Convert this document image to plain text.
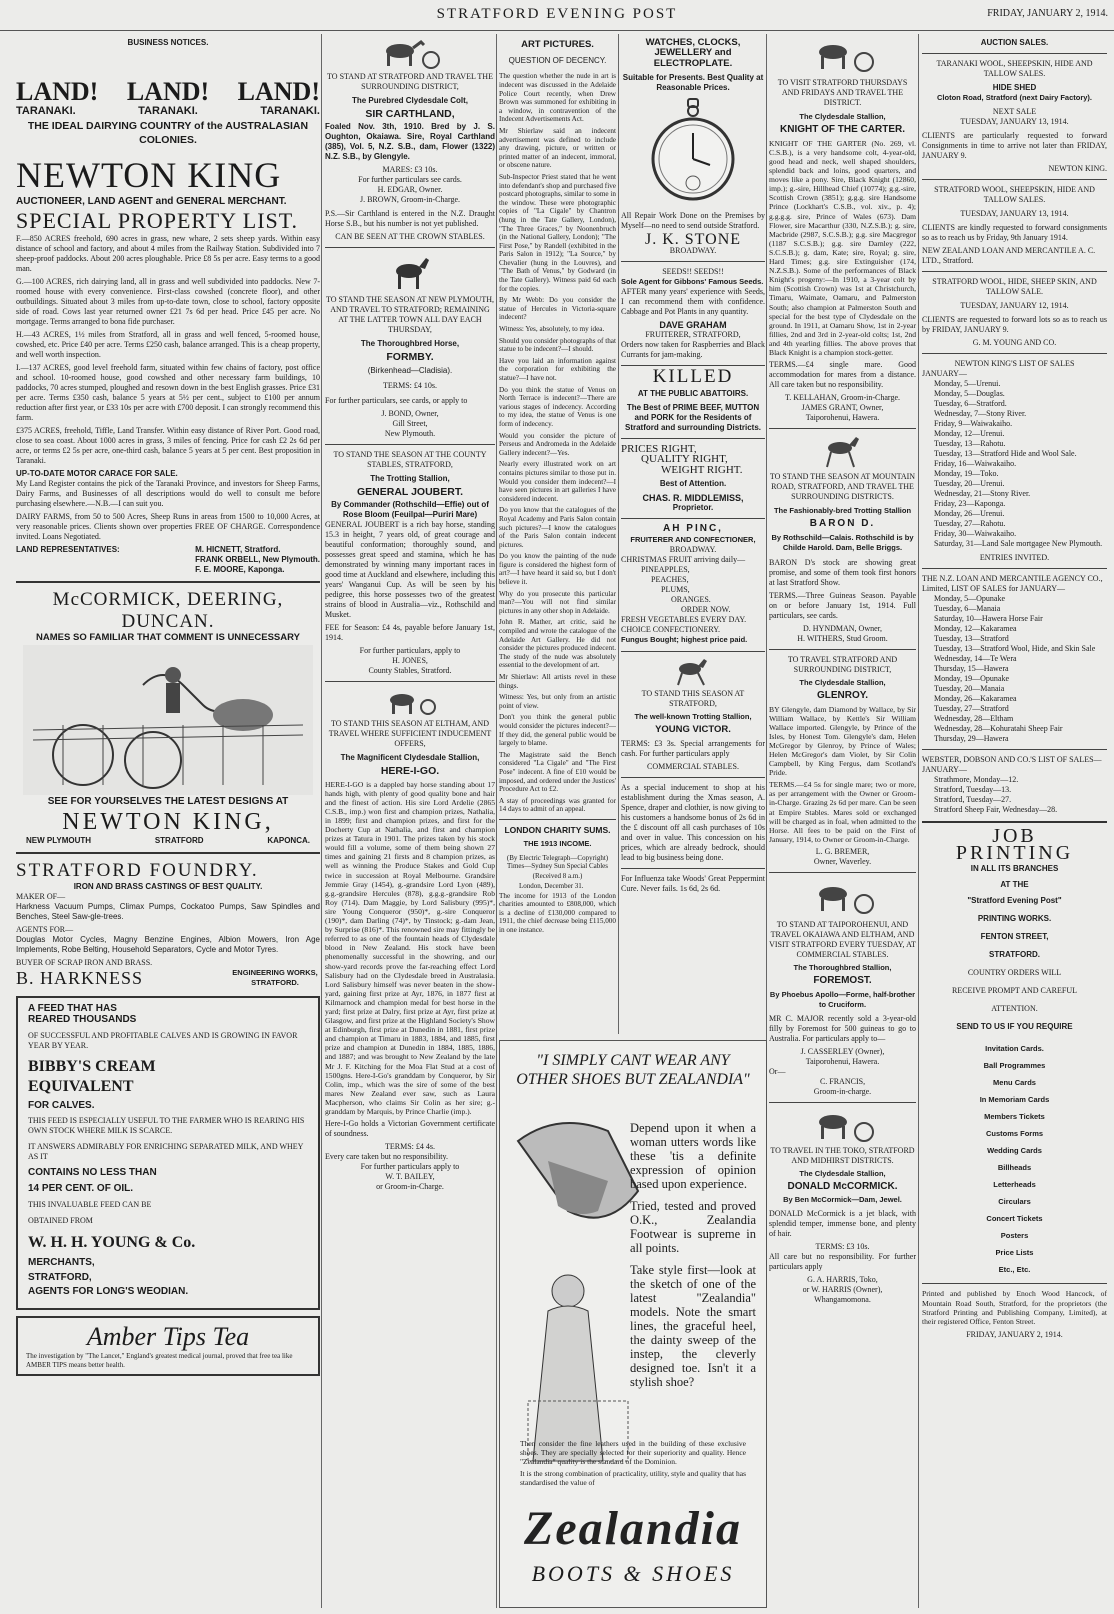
STRATFORD EVENING POST	FRIDAY, JANUARY 2, 1914.
BUSINESS NOTICES.
LAND! LAND! LAND!
TARANAKI.	TARANAKI.	TARANAKI.
THE IDEAL DAIRYING COUNTRY of the AUSTRALASIAN COLONIES.
NEWTON KING
AUCTIONEER, LAND AGENT and GENERAL MERCHANT.
SPECIAL PROPERTY LIST.

F.—850 ACRES freehold, 690 acres in grass, new whare, 2 sets sheep yards. Within easy distance of school and factory, and about 4 miles from the Railway Station. Subdivided into 7 sheep-proof paddocks. About 200 acres ploughable. Price £8 5s per acre. Easy terms to a good man.

G.—100 ACRES, rich dairying land, all in grass and well subdivided into paddocks. New 7-roomed house with every convenience. First-class cowshed (concrete floor), and other outbuildings. Situated about 3 miles from up-to-date town, close to school, factory opposite side of road. Cows last year returned owner £21 7s 6d per head. Price £45 per acre. No mortgage. Terms arranged to bona fide purchaser.

H.—43 ACRES, 1½ miles from Stratford, all in grass and well fenced, 5-roomed house, cowshed, etc. Price £40 per acre. Terms £250 cash, balance arranged. This is a cheap property, and well worth inspection.

I.—137 ACRES, good level freehold farm, situated within few chains of factory, post office and school. 10-roomed house, good cowshed and other necessary farm buildings, 10 paddocks, 70 acres stumped, ploughed and resown down in the best English grasses. Price £31 per acre. Terms £350 cash, balance 5 years at 5½ per cent., subject to £100 per annum reduction after first year, or £33 10s per acre with £700 deposit. I can strongly recommend this farm.

£375 ACRES, freehold, Tiffle, Land Transfer. Within easy distance of River Port. Good road, close to sea coast. About 1000 acres in grass, 3 miles of fencing. Price for cash £2 2s 6d per acre, or terms £2 5s per acre, one-third cash, balance 5 years at 5 per cent. Best proposition in Taranaki.

UP-TO-DATE MOTOR CARACE FOR SALE.

My Land Register contains the pick of the Taranaki Province, and investors for Sheep Farms, Dairy Farms, and Businesses of all descriptions would do well to consult me before purchasing elsewhere.—N.B.—I can suit you.

DAIRY FARMS, from 50 to 500 Acres, Sheep Runs in areas from 1500 to 10,000 Acres, at very reasonable prices. Clients shown over properties FREE OF CHARGE. Correspondence invited. Loans Negotiated.

LAND REPRESENTATIVES:	M. HICNETT, Stratford.
FRANK ORBELL, New Plymouth.
F. E. MOORE, Kaponga.
McCORMICK, DEERING,
DUNCAN.
NAMES SO FAMILIAR THAT COMMENT IS UNNECESSARY
SEE FOR YOURSELVES THE LATEST DESIGNS AT
NEWTON KING,
NEW PLYMOUTH	STRATFORD	KAPONCA.
STRATFORD FOUNDRY.
IRON AND BRASS CASTINGS OF BEST QUALITY.
MAKER OF—

Harkness Vacuum Pumps, Climax Pumps, Cockatoo Pumps, Saw Spindles and Benches, Steel Saw-gle-trees.

AGENTS FOR—

Douglas Motor Cycles, Magny Benzine Engines, Albion Mowers, Iron Age Implements, Robe Belting, Household Separators, Cycle and Motor Tyres.

BUYER OF SCRAP IRON AND BRASS.
B. HARKNESS	ENGINEERING WORKS, STRATFORD.
A FEED THAT HAS
REARED THOUSANDS
OF SUCCESSFUL AND PROFITABLE CALVES AND IS GROWING IN FAVOR YEAR BY YEAR.
BIBBY'S CREAM
EQUIVALENT
FOR CALVES.
THIS FEED IS ESPECIALLY USEFUL TO THE FARMER WHO IS REARING HIS OWN STOCK WHERE MILK IS SCARCE.
IT ANSWERS ADMIRABLY FOR ENRICHING SEPARATED MILK, AND WHEY AS IT
CONTAINS NO LESS THAN
14 PER CENT. OF OIL.
THIS INVALUABLE FEED CAN BE
OBTAINED FROM
W. H. H. YOUNG & Co.
MERCHANTS,
STRATFORD,
AGENTS FOR LONG'S WEODIAN.
Amber Tips Tea
The investigation by "The Lancet," England's greatest medical journal, proved that free tea like AMBER TIPS means better health.
TO STAND AT STRATFORD AND TRAVEL THE SURROUNDING DISTRICT,
The Purebred Clydesdale Colt,
SIR CARTHLAND,

Foaled Nov. 3th, 1910. Bred by J. S. Oughton, Okaiawa. Sire, Royal Carthland (385), Vol. 5, N.Z. S.B., dam, Flower (1322) N.Z. S.B., by Glengyle.

MARES: £3 10s.
For further particulars see cards.
H. EDGAR, Owner.
J. BROWN, Groom-in-Charge.

P.S.—Sir Carthland is entered in the N.Z. Draught Horse S.B., but his number is not yet published.

CAN BE SEEN AT THE CROWN STABLES.
TO STAND THE SEASON AT NEW PLYMOUTH, AND TRAVEL TO STRATFORD; REMAINING AT THE LATTER TOWN ALL DAY EACH THURSDAY,
The Thoroughbred Horse,
FORMBY.
(Birkenhead—Cladisia).
TERMS: £4 10s.

For further particulars, see cards, or apply to

J. BOND, Owner,
Gill Street,
New Plymouth.
TO STAND THE SEASON AT THE COUNTY STABLES, STRATFORD,
The Trotting Stallion,
GENERAL JOUBERT.
By Commander (Rothschild—Effie) out of Rose Bloom (Feuilpal—Puriri Mare)

GENERAL JOUBERT is a rich bay horse, standing 15.3 in height, 7 years old, of great courage and beautiful conformation; thoroughly sound, and possesses great speed and stamina, which he has demonstrated by winning many important races in good time at Auckland and elsewhere, including this years' Wanganui Cup. As will be seen by his pedigree, this horse possesses two of the greatest strains of blood in Australia—viz., Rothschild and Musket.

FEE for Season: £4 4s, payable before January 1st, 1914.

For further particulars, apply to
H. JONES,
County Stables, Stratford.
TO STAND THIS SEASON AT ELTHAM, AND TRAVEL WHERE SUFFICIENT INDUCEMENT OFFERS,
The Magnificent Clydesdale Stallion,
HERE-I-GO.

HERE-I-GO is a dappled bay horse standing about 17 hands high, with plenty of good quality bone and hair and the finest of action. His sire Lord Ardelie (2865 C.S.B., imp.) won first and champion prizes, Nathalia, in 1899; first and champion prizes, and first for the Docherty Cup at Nathalia, and first and champion prizes at Tatura in 1901. The prizes taken by his stock would fill a volume, some of them being shown 27 times and gaining 21 firsts and 8 champion prizes, as well as winning the Produce Stakes and Gold Cup twice in succession at Royal Melbourne. Grandsire Jemmie Gray (1454), g.-grandsire Lord Lyon (489), g.g.-grandsire Hercules (878), g.g.g.-grandsire Rob Roy (714). Dam Maggie, by Lord Salisbury (995)*, sire Young Conqueror (950)*, g.-sire Conqueror (190)*, dam Darling (74)*, by Tinstock; g.-dam Jean, by Surprise (816)*. This renowned sire may fittingly be referred to as one of the fountain heads of Clydesdale blood in New Zealand. His stock have been phenomenally successful in the showring, and our show-yard records prove the far-reaching effect Lord Salisbury had on the Clydesdale breed in Australasia. Lord Salisbury himself was never beaten in the show-yard, gaining first prize at Ayr, 1876, in 1877 first at Kilmarnock and champion medal for best horse in the yard; first prize at Dalry, first prize at Ayr, first prize at Glasgow, and first prize at the Highland Society's Show at Edinburgh, first prize at Dunedin in 1881, first prize and champion at Timaru in 1883, 1884, and 1885, first prize and champion at Dunedin in 1884, 1885, 1886, and 1887; and was brought to New Zealand by the late Mr J. F. Kitching for the Moa Flat Stud at a cost of 1500gns. Here-I-Go's granddam by Conqueror, by Sir Colin, imp., which was the sire of some of the best mares New Zealand ever saw, such as Laura Macpherson, who claims Sir Colin as her sire; g.-granddam by Marquis, by Prince Charlie (imp.).

Here-I-Go holds a Victorian Government certificate of soundness.

TERMS: £4 4s.
Every care taken but no responsibility.
For further particulars apply to
W. T. BAILEY,
or Groom-in-Charge.
ART PICTURES.
QUESTION OF DECENCY.

The question whether the nude in art is indecent was discussed in the Adelaide Police Court recently, when Drew Brown was summoned for exhibiting in a window, in contravention of the Indecent Advertisements Act.

Mr Shierlaw said an indecent advertisement was defined to include any drawing, picture, or written or printed matter of an indecent, immoral, or obscene nature.

Sub-Inspector Priest stated that he went into defendant's shop and purchased five postcard photographs, similar to some in the window. These were photographic copies of "La Cigale" by Chantron (hung in the Tate Gallery, London), "The Three Graces," by Noonenbruch (in the National Gallery, London); "The First Pose," by Randell (exhibited in the Paris Salon in 1912); "La Source," by Chevalier (hung in the Louvres), and "The Bath of Venus," by Godward (in the Tate Gallery). Witness paid 6d each for the copies.

By Mr Webb: Do you consider the statue of Hercules in Victoria-square indecent?

Witness: Yes, absolutely, to my idea.

Should you consider photographs of that statue to be indecent?—I should.

Have you laid an information against the corporation for exhibiting the statue?—I have not.

Do you think the statue of Venus on North Terrace is indecent?—There are various stages of indecency. According to my idea, the statue of Venus is one form of indecency.

Would you consider the picture of Perseus and Andromeda in the Adelaide Gallery indecent?—Yes.

Nearly every illustrated work on art contains pictures similar to those put in. Would you consider them indecent?—I have seen pictures in art galleries I have considered indecent.

Do you know that the catalogues of the Royal Academy and Paris Salon contain such pictures?—I know the catalogues of the Paris Salon contain indecent pictures.

Do you know the painting of the nude figure is considered the highest form of art?—I have heard it said so, but I don't believe it.

Why do you prosecute this particular man?—You will not find similar pictures in any other shop in Adelaide.

John R. Mather, art critic, said he compiled and wrote the catalogue of the Adelaide Art Gallery. He did not consider the pictures produced indecent. The study of the nude was absolutely essential to the development of art.

Mr Shierlaw: All artists revel in these things.

Witness: Yes, but only from an artistic point of view.

Don't you think the general public would consider the pictures indecent?—If they did, the general public would be largely to blame.

The Magistrate said the Bench considered "La Cigale" and "The First Pose" indecent. A fine of £10 would be imposed, and ordered under the Justices' Procedure Act to £2.

A stay of proceedings was granted for 14 days to admit of an appeal.

LONDON CHARITY SUMS.
THE 1913 INCOME.
(By Electric Telegraph—Copyright) Times—Sydney Sun Special Cables
(Received 8 a.m.)
London, December 31.

The income for 1913 of the London charities amounted to £808,000, which is a decline of £130,000 compared to 1911, the chief decrease being £115,000 in one instance.

WATCHES, CLOCKS,
JEWELLERY and
ELECTROPLATE.
Suitable for Presents. Best Quality at Reasonable Prices.

All Repair Work Done on the Premises by Myself—no need to send outside Stratford.

J. K. STONE
BROADWAY.
SEEDS!! SEEDS!!
Sole Agent for Gibbons' Famous Seeds.

AFTER many years' experience with Seeds, I can recommend them with confidence. Cabbage and Pot Plants in any quantity.

DAVE GRAHAM
FRUITERER, STRATFORD,

Orders now taken for Raspberries and Black Currants for jam-making.

KILLED
AT THE PUBLIC ABATTOIRS.

The Best of PRIME BEEF, MUTTON and PORK for the Residents of Stratford and surrounding Districts.

PRICES RIGHT,
QUALITY RIGHT,
WEIGHT RIGHT.
Best of Attention.
CHAS. R. MIDDLEMISS,
Proprietor.
AH PINC,
FRUITERER AND CONFECTIONER,
BROADWAY.
CHRISTMAS FRUIT arriving daily—
PINEAPPLES,
PEACHES,
PLUMS,
ORANGES.
ORDER NOW.
FRESH VEGETABLES EVERY DAY.
CHOICE CONFECTIONERY.
Fungus Bought; highest price paid.
TO STAND THIS SEASON AT STRATFORD,
The well-known Trotting Stallion,
YOUNG VICTOR.

TERMS: £3 3s. Special arrangements for cash. For further particulars apply

COMMERCIAL STABLES.

As a special inducement to shop at his establishment during the Xmas season, A. Spence, draper and clothier, is now giving to his customers a handsome bonus of 2s 6d in the £ discount off all cash purchases of 10s and over in value. This concession on his prices, which are already bedrock, should lead to big business being done.

For Influenza take Woods' Great Peppermint Cure. Never fails. 1s 6d, 2s 6d.

"I SIMPLY CANT WEAR ANY OTHER SHOES BUT ZEALANDIA"

Depend upon it when a woman utters words like these 'tis a definite expression of opinion based upon experience.

Tried, tested and proved O.K., Zealandia Footwear is supreme in all points.

Take style first—look at the sketch of one of the latest "Zealandia" models. Note the smart lines, the graceful heel, the dainty sweep of the instep, the cleverly designed toe. Isn't it a stylish shoe?

Then consider the fine leathers used in the building of these exclusive shoes. They are specially selected for their superiority and quality. Hence "Zealandia" quality is the standard of the Dominion.

It is the strong combination of practicality, utility, style and quality that has standardised the value of

Zealandia
BOOTS & SHOES
TO VISIT STRATFORD THURSDAYS AND FRIDAYS AND TRAVEL THE DISTRICT.
The Clydesdale Stallion,
KNIGHT OF THE CARTER.

KNIGHT OF THE GARTER (No. 269, vl. C.S.B.), is a very handsome colt, 4-year-old, good head and neck, well shaped shoulders, splendid back and loins, good quarters, and moves like a pony. Sire, Black Knight (12860, imp.); g.-sire, Hillhead Chief (10774); g.g.-sire, Scottish Crown (3851); g.g.g. sire Handsome Prince (Lockhart's C.S.B., vol. xiv., p. 4); g.g.g.g. sire, Prince of Wales (673). Dam Flower, sire Macarthur (330, N.Z.S.B.); g. sire, Macbride (2987, S.C.S.B.); g.g. sire Macgregor (1187 S.C.S.B.); g.g. sire Darnley (222, S.C.S.B.); g. dam, Kate; sire, Royal; g. sire, Hard Times; g.g. sire Extinguisher (174, N.Z.S.B.). Some of the performances of Black Knight's progeny:—In 1910, a 3-year colt by him (Scottish Crown) was 1st at Christchurch, Timaru, Waimate, Oamaru, and Palmerston South; also champion at Palmerston South and special for the best type of Clydesdale on the ground. In 1911, at Oamaru Show, 1st in 2-year fillies, 2nd and 3rd in 2-year-old colts; 1st, 2nd and 4th yearling fillies. The above proves that Black Knight is a champion stock-getter.

TERMS.—£4 single mare. Good accommodation for mares from a distance. All care taken but no responsibility.

T. KELLAHAN, Groom-in-Charge.
JAMES GRANT, Owner,
Taiporohenui, Hawera.
TO STAND THE SEASON AT MOUNTAIN ROAD, STRATFORD, AND TRAVEL THE SURROUNDING DISTRICTS.
The Fashionably-bred Trotting Stallion
BARON D.
By Rothschild—Calais. Rothschild is by Childe Harold. Dam, Belle Briggs.

BARON D's stock are showing great promise, and some of them took first honors at last Stratford Show.

TERMS.—Three Guineas Season. Payable on or before January 1st, 1914. Full particulars, see cards.

D. HYNDMAN, Owner,
H. WITHERS, Stud Groom.
TO TRAVEL STRATFORD AND SURROUNDING DISTRICT,
The Clydesdale Stallion,
GLENROY.

BY Glengyle, dam Diamond by Wallace, by Sir William Wallace, by Kettle's Sir William Wallace imported. Glengyle, by Prince of the Isles, by Honest Tom. Glengyle's dam, Helen McGregor by Glenroy, by Prince of Wales; Helen McGregor's dam Violet, by Sir Colin Campbell, by King Fergus, dam Scotland's Pride.

TERMS.—£4 5s for single mare; two or more, as per arrangement with the Owner or Groom-in-Charge. Grazing 2s 6d per mare. Can be seen at Empire Stables. Mares sold or exchanged will be charged as in foal, when admitted to the Horse. All fees to be paid on the First of January, 1914, to Owner or Groom-in-Charge.

L. G. BREMER,
Owner, Waverley.
TO STAND AT TAIPOROHENUI, AND TRAVEL OKAIAWA AND ELTHAM, AND VISIT STRATFORD EVERY TUESDAY, AT COMMERCIAL STABLES.
The Thoroughbred Stallion,
FOREMOST.
By Phoebus Apollo—Forme, half-brother to Cruciform.

MR C. MAJOR recently sold a 3-year-old filly by Foremost for 500 guineas to go to Australia. For particulars apply to—

J. CASSERLEY (Owner),
Taiporohenui, Hawera.
Or—
C. FRANCIS,
Groom-in-charge.
TO TRAVEL IN THE TOKO, STRATFORD AND MIDHIRST DISTRICTS.
The Clydesdale Stallion,
DONALD McCORMICK.
By Ben McCormick—Dam, Jewel.

DONALD McCormick is a jet black, with splendid temper, immense bone, and plenty of hair.

TERMS: £3 10s.

All care but no responsibility. For further particulars apply

G. A. HARRIS, Toko,
or W. HARRIS (Owner),
Whangamomona.
AUCTION SALES.
TARANAKI WOOL, SHEEPSKIN, HIDE AND TALLOW SALES.
HIDE SHED
Cloton Road, Stratford (next Dairy Factory).
NEXT SALE
TUESDAY, JANUARY 13, 1914.

CLIENTS are particularly requested to forward Consignments in time to arrive not later than FRIDAY, JANUARY 9.

NEWTON KING.
STRATFORD WOOL, SHEEPSKIN, HIDE AND TALLOW SALES.
TUESDAY, JANUARY 13, 1914.

CLIENTS are kindly requested to forward consignments so as to reach us by Friday, 9th January 1914.

NEW ZEALAND LOAN AND MERCANTILE A. C. LTD., Stratford.
STRATFORD WOOL, HIDE, SHEEP SKIN, AND TALLOW SALE.
TUESDAY, JANUARY 12, 1914.

CLIENTS are requested to forward lots so as to reach us by FRIDAY, JANUARY 9.

G. M. YOUNG AND CO.
NEWTON KING'S LIST OF SALES
JANUARY—
Monday, 5—Urenui.
Monday, 5—Douglas.
Tuesday, 6—Stratford.
Wednesday, 7—Stony River.
Friday, 9—Waiwakaiho.
Monday, 12—Urenui.
Tuesday, 13—Rahotu.
Tuesday, 13—Stratford Hide and Wool Sale.
Friday, 16—Waiwakaiho.
Monday, 19—Toko.
Tuesday, 20—Urenui.
Wednesday, 21—Stony River.
Friday, 23—Kaponga.
Monday, 26—Urenui.
Tuesday, 27—Rahotu.
Friday, 30—Waiwakaiho.
Saturday, 31—Land Sale mortgagee New Plymouth.
ENTRIES INVITED.
THE N.Z. LOAN AND MERCANTILE AGENCY CO., Limited, LIST OF SALES for JANUARY—
Monday, 5—Opunake
Tuesday, 6—Manaia
Saturday, 10—Hawera Horse Fair
Monday, 12—Kakaramea
Tuesday, 13—Stratford
Tuesday, 13—Stratford Wool, Hide, and Skin Sale
Wednesday, 14—Te Wera
Thursday, 15—Hawera
Monday, 19—Opunake
Tuesday, 20—Manaia
Monday, 26—Kakaramea
Tuesday, 27—Stratford
Wednesday, 28—Eltham
Wednesday, 28—Kohuratahi Sheep Fair
Thursday, 29—Hawera
WEBSTER, DOBSON AND CO.'S LIST OF SALES—
JANUARY—
Strathmore, Monday—12.
Stratford, Tuesday—13.
Stratford, Tuesday—27.
Stratford Sheep Fair, Wednesday—28.
JOB
PRINTING
IN ALL ITS BRANCHES
AT THE
"Stratford Evening Post"
PRINTING WORKS.
FENTON STREET,
STRATFORD.
COUNTRY ORDERS WILL
RECEIVE PROMPT AND CAREFUL
ATTENTION.
SEND TO US IF YOU REQUIRE
Invitation Cards.
Ball Programmes
Menu Cards
In Memoriam Cards
Members Tickets
Customs Forms
Wedding Cards
Billheads
Letterheads
Circulars
Concert Tickets
Posters
Price Lists
Etc., Etc.

Printed and published by Enoch Wood Hancock, of Mountain Road South, Stratford, for the proprietors (the Stratford Printing and Publishing Company, Limited), at their registered Office, Fenton Street.

FRIDAY, JANUARY 2, 1914.
